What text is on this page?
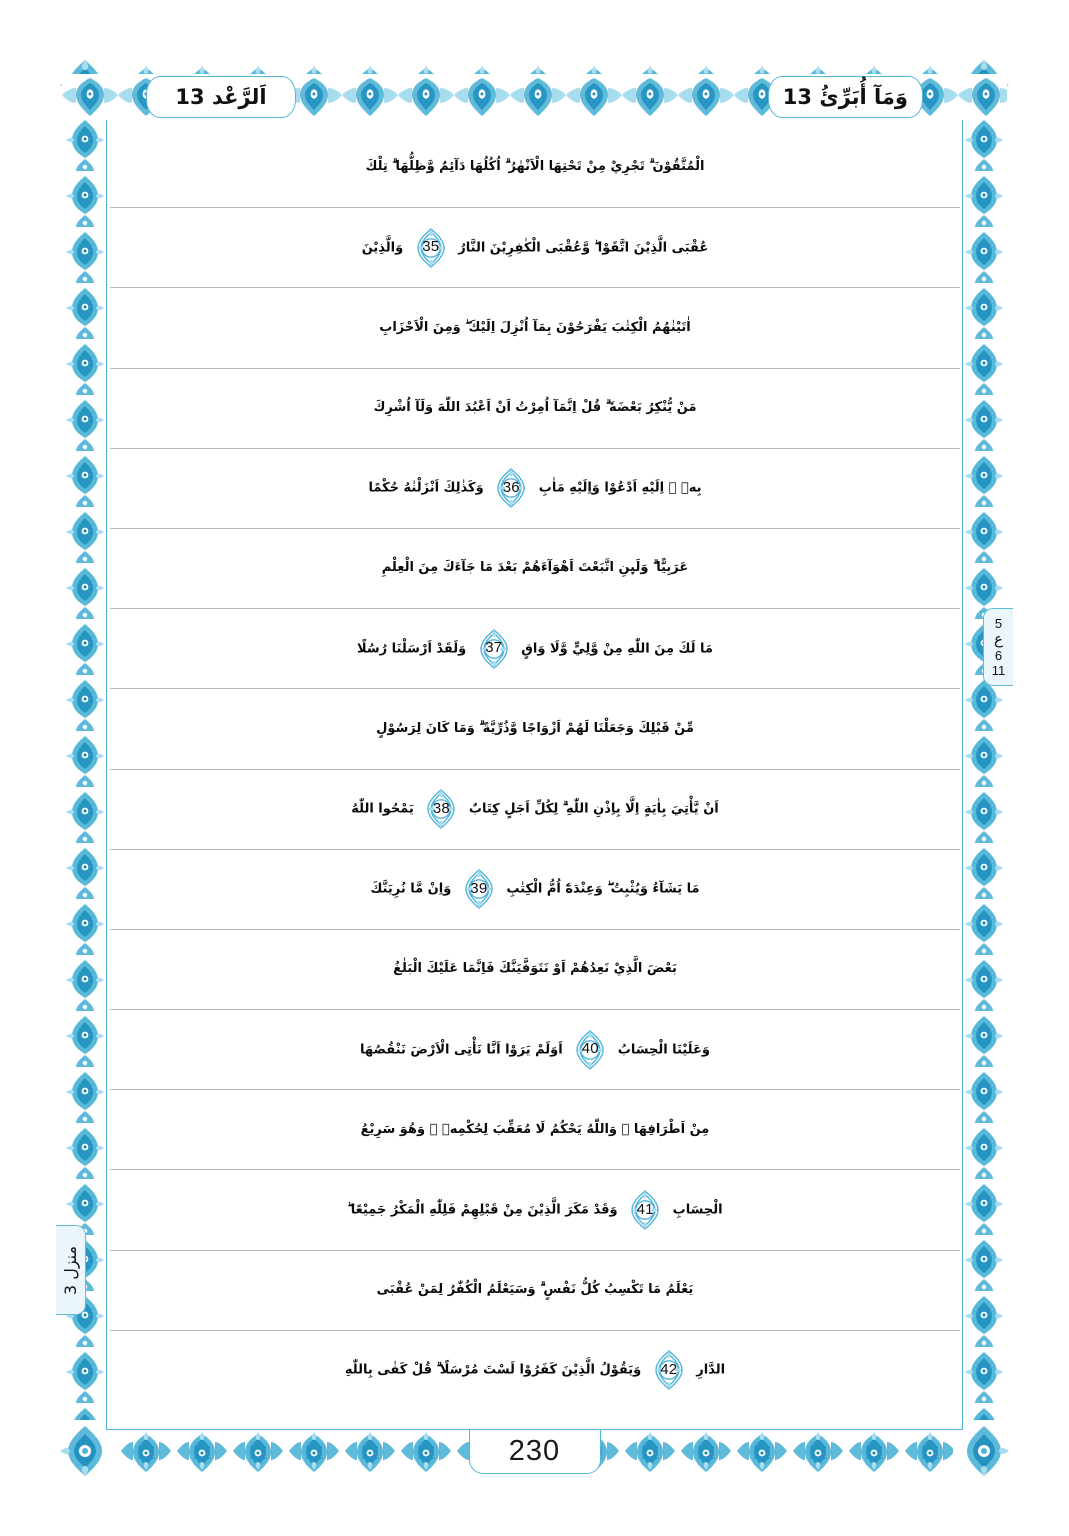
اَلرَّعْد 13	وَمَآ أُبَرِّئُ 13
الْمُتَّقُوْنَ ۗ تَجْرِيْ مِنْ تَحْتِهَا الْاَنْهٰرُ ۗ اُكُلُهَا دَآئِمٌ وَّظِلُّهَا ۗ تِلْكَ
عُقْبَى الَّذِيْنَ اتَّقَوْا ۖ وَّعُقْبَى الْكٰفِرِيْنَ النَّارُ
35
وَالَّذِيْنَ
اٰتَيْنٰهُمُ الْكِتٰبَ يَفْرَحُوْنَ بِمَآ اُنْزِلَ اِلَيْكَ ۖ وَمِنَ الْاَحْزَابِ
مَنْ يُّنْكِرُ بَعْضَهٗ ۗ قُلْ اِنَّمَآ اُمِرْتُ اَنْ اَعْبُدَ اللّٰهَ وَلَآ اُشْرِكَ
بِهٖ ۗ اِلَيْهِ اَدْعُوْا وَاِلَيْهِ مَاٰبِ
36
وَكَذٰلِكَ اَنْزَلْنٰهُ حُكْمًا
عَرَبِيًّا ۗ وَلَىِٕنِ اتَّبَعْتَ اَهْوَآءَهُمْ بَعْدَ مَا جَآءَكَ مِنَ الْعِلْمِ
مَا لَكَ مِنَ اللّٰهِ مِنْ وَّلِيٍّ وَّلَا وَاقٍ
37
وَلَقَدْ اَرْسَلْنَا رُسُلًا
مِّنْ قَبْلِكَ وَجَعَلْنَا لَهُمْ اَزْوَاجًا وَّذُرِّيَّةً ۗ وَمَا كَانَ لِرَسُوْلٍ
اَنْ يَّأْتِيَ بِاٰيَةٍ اِلَّا بِاِذْنِ اللّٰهِ ۗ لِكُلِّ اَجَلٍ كِتَابٌ
38
يَمْحُوا اللّٰهُ
مَا يَشَآءُ وَيُثْبِتُ ۖ وَعِنْدَهٗٓ اُمُّ الْكِتٰبِ
39
وَاِنْ مَّا نُرِيَنَّكَ
بَعْضَ الَّذِيْ نَعِدُهُمْ اَوْ نَتَوَفَّيَنَّكَ فَاِنَّمَا عَلَيْكَ الْبَلٰغُ
وَعَلَيْنَا الْحِسَابُ
40
اَوَلَمْ يَرَوْا اَنَّا نَأْتِى الْاَرْضَ نَنْقُصُهَا
مِنْ اَطْرَافِهَا ۗ وَاللّٰهُ يَحْكُمُ لَا مُعَقِّبَ لِحُكْمِهٖ ۗ وَهُوَ سَرِيْعُ
الْحِسَابِ
41
وَقَدْ مَكَرَ الَّذِيْنَ مِنْ قَبْلِهِمْ فَلِلّٰهِ الْمَكْرُ جَمِيْعًا ۖ
يَعْلَمُ مَا تَكْسِبُ كُلُّ نَفْسٍ ۗ وَسَيَعْلَمُ الْكُفّٰرُ لِمَنْ عُقْبَى
الدَّارِ
42
وَيَقُوْلُ الَّذِيْنَ كَفَرُوْا لَسْتَ مُرْسَلًا ۗ قُلْ كَفٰى بِاللّٰهِ
5
ع
6
11
منزل 3
230
